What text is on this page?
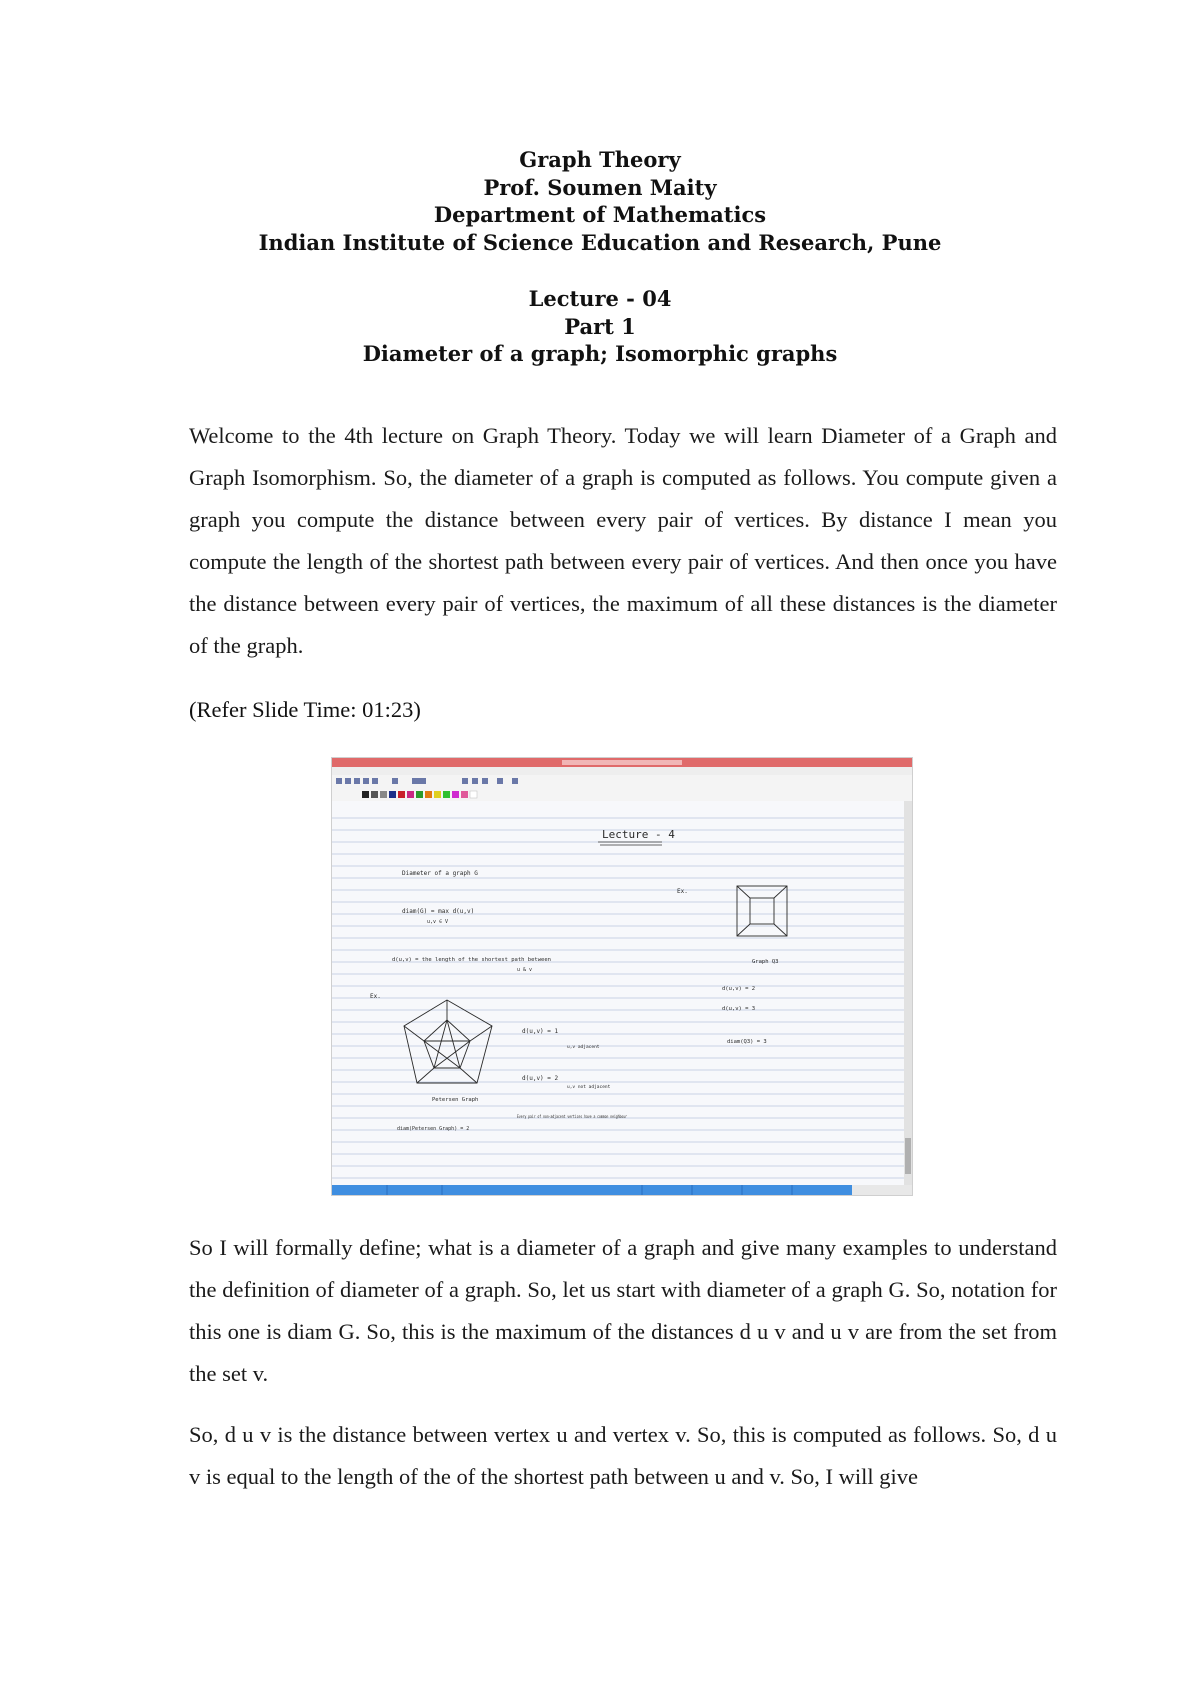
Graph Theory
Prof. Soumen Maity
Department of Mathematics
Indian Institute of Science Education and Research, Pune
Lecture - 04
Part 1
Diameter of a graph; Isomorphic graphs
Welcome to the 4th lecture on Graph Theory. Today we will learn Diameter of a Graph and Graph Isomorphism. So, the diameter of a graph is computed as follows. You compute given a graph you compute the distance between every pair of vertices. By distance I mean you compute the length of the shortest path between every pair of vertices. And then once you have the distance between every pair of vertices, the maximum of all these distances is the diameter of the graph.
(Refer Slide Time: 01:23)
Lecture - 4
Diameter of a graph G
diam(G) = max d(u,v)
u,v ∈ V
d(u,v) = the length of the shortest path between
u & v
Ex.
Petersen Graph
diam(Petersen Graph) = 2
d(u,v) = 1
u,v adjacent
d(u,v) = 2
u,v not adjacent
Every pair of non-adjacent vertices have a common neighbour
Ex.
Graph Q3
d(u,v) = 2
d(u,v) = 3
diam(Q3) = 3
So I will formally define; what is a diameter of a graph and give many examples to understand the definition of diameter of a graph. So, let us start with diameter of a graph G. So, notation for this one is diam G. So, this is the maximum of the distances d u v and u v are from the set from the set v.
So, d u v is the distance between vertex u and vertex v. So, this is computed as follows. So, d u v is equal to the length of the of the shortest path between u and v. So, I will give
